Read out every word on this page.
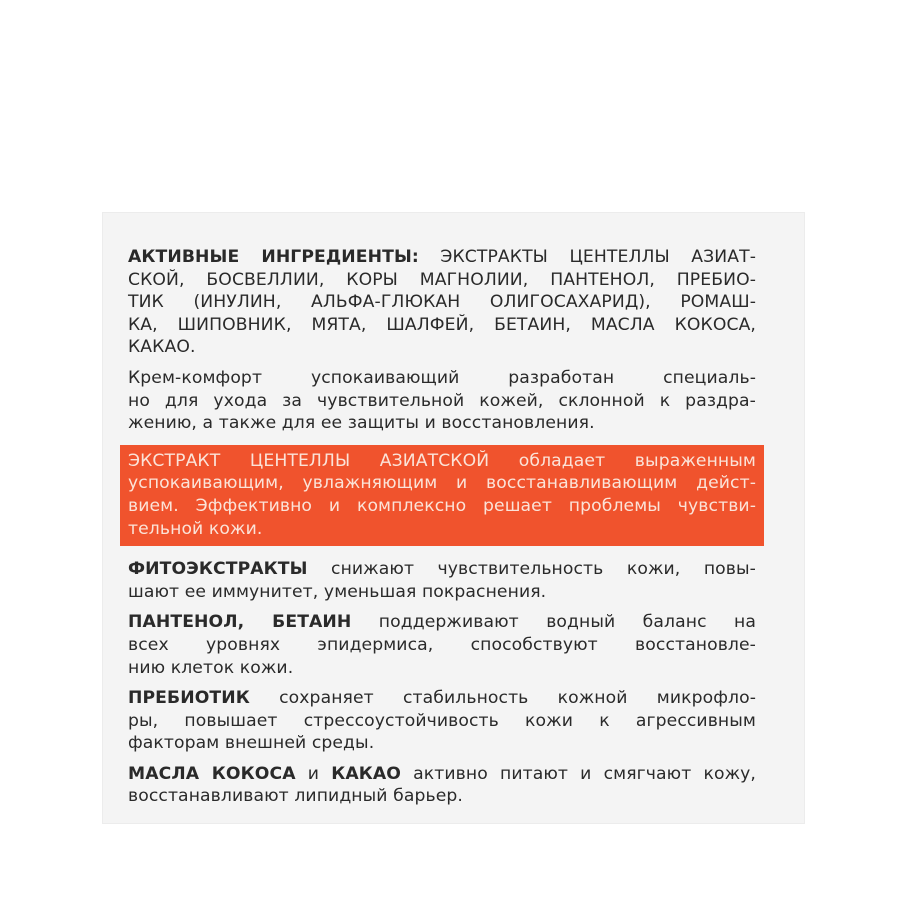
АКТИВНЫЕ ИНГРЕДИЕНТЫ: ЭКСТРАКТЫ ЦЕНТЕЛЛЫ АЗИАТ-
СКОЙ, БОСВЕЛЛИИ, КОРЫ МАГНОЛИИ, ПАНТЕНОЛ, ПРЕБИО-
ТИК (ИНУЛИН, АЛЬФА-ГЛЮКАН ОЛИГОСАХАРИД), РОМАШ-
КА, ШИПОВНИК, МЯТА, ШАЛФЕЙ, БЕТАИН, МАСЛА КОКОСА,
КАКАО.

Крем-комфорт успокаивающий разработан специаль-
но для ухода за чувствительной кожей, склонной к раздра-
жению, а также для ее защиты и восстановления.

ЭКСТРАКТ ЦЕНТЕЛЛЫ АЗИАТСКОЙ обладает выраженным
успокаивающим, увлажняющим и восстанавливающим дейст-
вием. Эффективно и комплексно решает проблемы чувстви-
тельной кожи.

ФИТОЭКСТРАКТЫ снижают чувствительность кожи, повы-
шают ее иммунитет, уменьшая покраснения.

ПАНТЕНОЛ, БЕТАИН поддерживают водный баланс на
всех уровнях эпидермиса, способствуют восстановле-
нию клеток кожи.

ПРЕБИОТИК сохраняет стабильность кожной микрофло-
ры, повышает стрессоустойчивость кожи к агрессивным
факторам внешней среды.

МАСЛА КОКОСА и КАКАО активно питают и смягчают кожу,
восстанавливают липидный барьер.
